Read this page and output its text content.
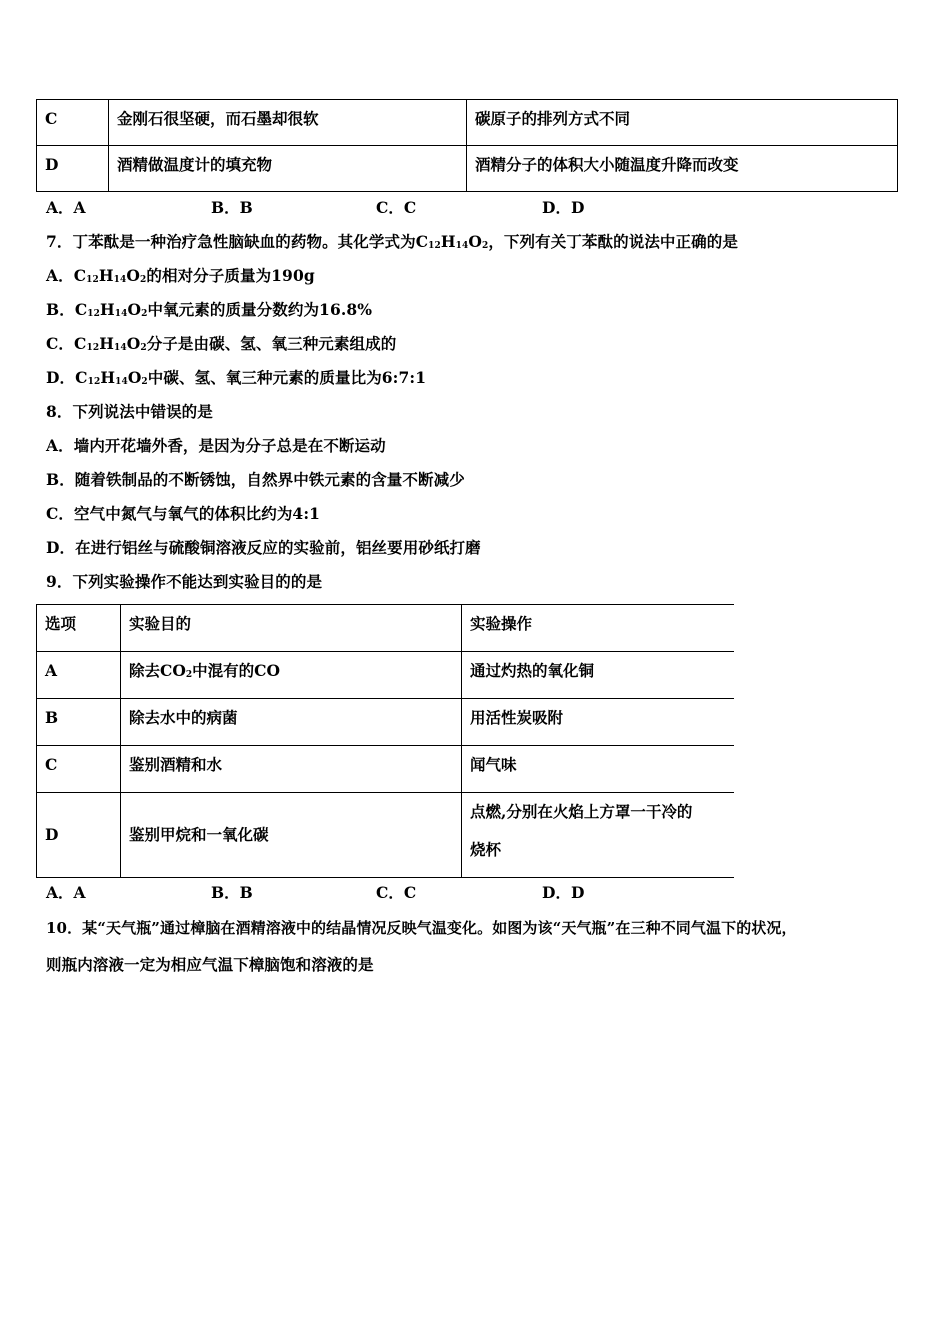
C	金刚石很坚硬，而石墨却很软	碳原子的排列方式不同
D	酒精做温度计的填充物	酒精分子的体积大小随温度升降而改变
A．A	B．B	C．C	D．D
7．丁苯酞是一种治疗急性脑缺血的药物。其化学式为$C_{12}H_{14}O_2$，下列有关丁苯酞的说法中正确的是
A．$C_{12}H_{14}O_2$的相对分子质量为190g
B．$C_{12}H_{14}O_2$中氧元素的质量分数约为16.8%
C．$C_{12}H_{14}O_2$分子是由碳、氢、氧三种元素组成的
D．$C_{12}H_{14}O_2$中碳、氢、氧三种元素的质量比为6:7:1
8．下列说法中错误的是
A．墙内开花墙外香，是因为分子总是在不断运动
B．随着铁制品的不断锈蚀，自然界中铁元素的含量不断减少
C．空气中氮气与氧气的体积比约为4:1
D．在进行铝丝与硫酸铜溶液反应的实验前，铝丝要用砂纸打磨
9．下列实验操作不能达到实验目的的是
选项	实验目的	实验操作
A	除去$CO_2$中混有的CO	通过灼热的氧化铜
B	除去水中的病菌	用活性炭吸附
C	鉴别酒精和水	闻气味
D	鉴别甲烷和一氧化碳	点燃,分别在火焰上方罩一干冷的
烧杯
A．A	B．B	C．C	D．D
10．某“天气瓶”通过樟脑在酒精溶液中的结晶情况反映气温变化。如图为该“天气瓶”在三种不同气温下的状况，
则瓶内溶液一定为相应气温下樟脑饱和溶液的是
